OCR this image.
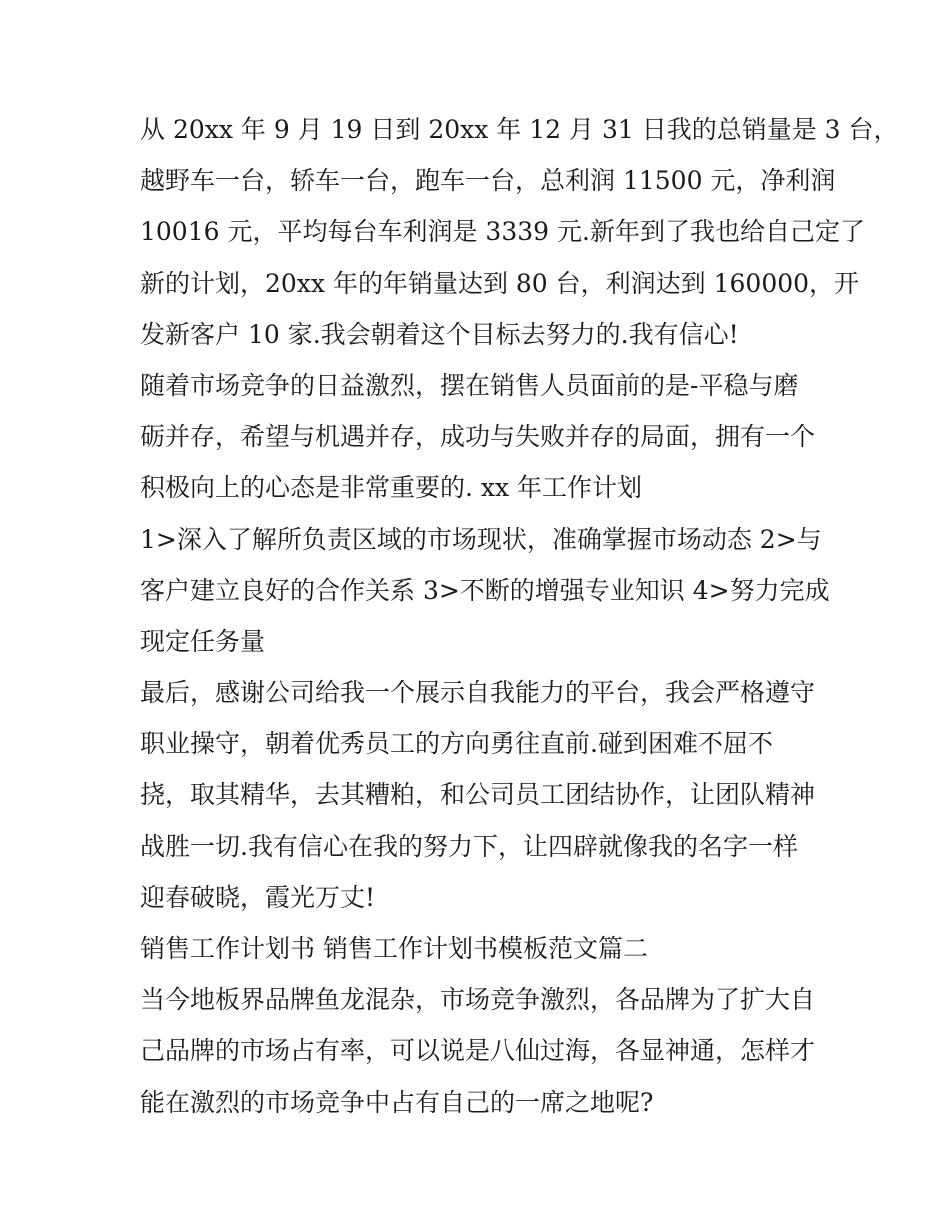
从 20xx 年 9 月 19 日到 20xx 年 12 月 31 日我的总销量是 3 台，
越野车一台，轿车一台，跑车一台，总利润 11500 元，净利润
10016 元，平均每台车利润是 3339 元.新年到了我也给自己定了
新的计划，20xx 年的年销量达到 80 台，利润达到 160000，开
发新客户 10 家.我会朝着这个目标去努力的.我有信心!
随着市场竞争的日益激烈，摆在销售人员面前的是-平稳与磨
砺并存，希望与机遇并存，成功与失败并存的局面，拥有一个
积极向上的心态是非常重要的. xx 年工作计划
1>深入了解所负责区域的市场现状，准确掌握市场动态 2>与
客户建立良好的合作关系 3>不断的增强专业知识 4>努力完成
现定任务量
最后，感谢公司给我一个展示自我能力的平台，我会严格遵守
职业操守，朝着优秀员工的方向勇往直前.碰到困难不屈不
挠，取其精华，去其糟粕，和公司员工团结协作，让团队精神
战胜一切.我有信心在我的努力下，让四辟就像我的名字一样
迎春破晓，霞光万丈!
销售工作计划书 销售工作计划书模板范文篇二
当今地板界品牌鱼龙混杂，市场竞争激烈，各品牌为了扩大自
己品牌的市场占有率，可以说是八仙过海，各显神通，怎样才
能在激烈的市场竞争中占有自己的一席之地呢?
